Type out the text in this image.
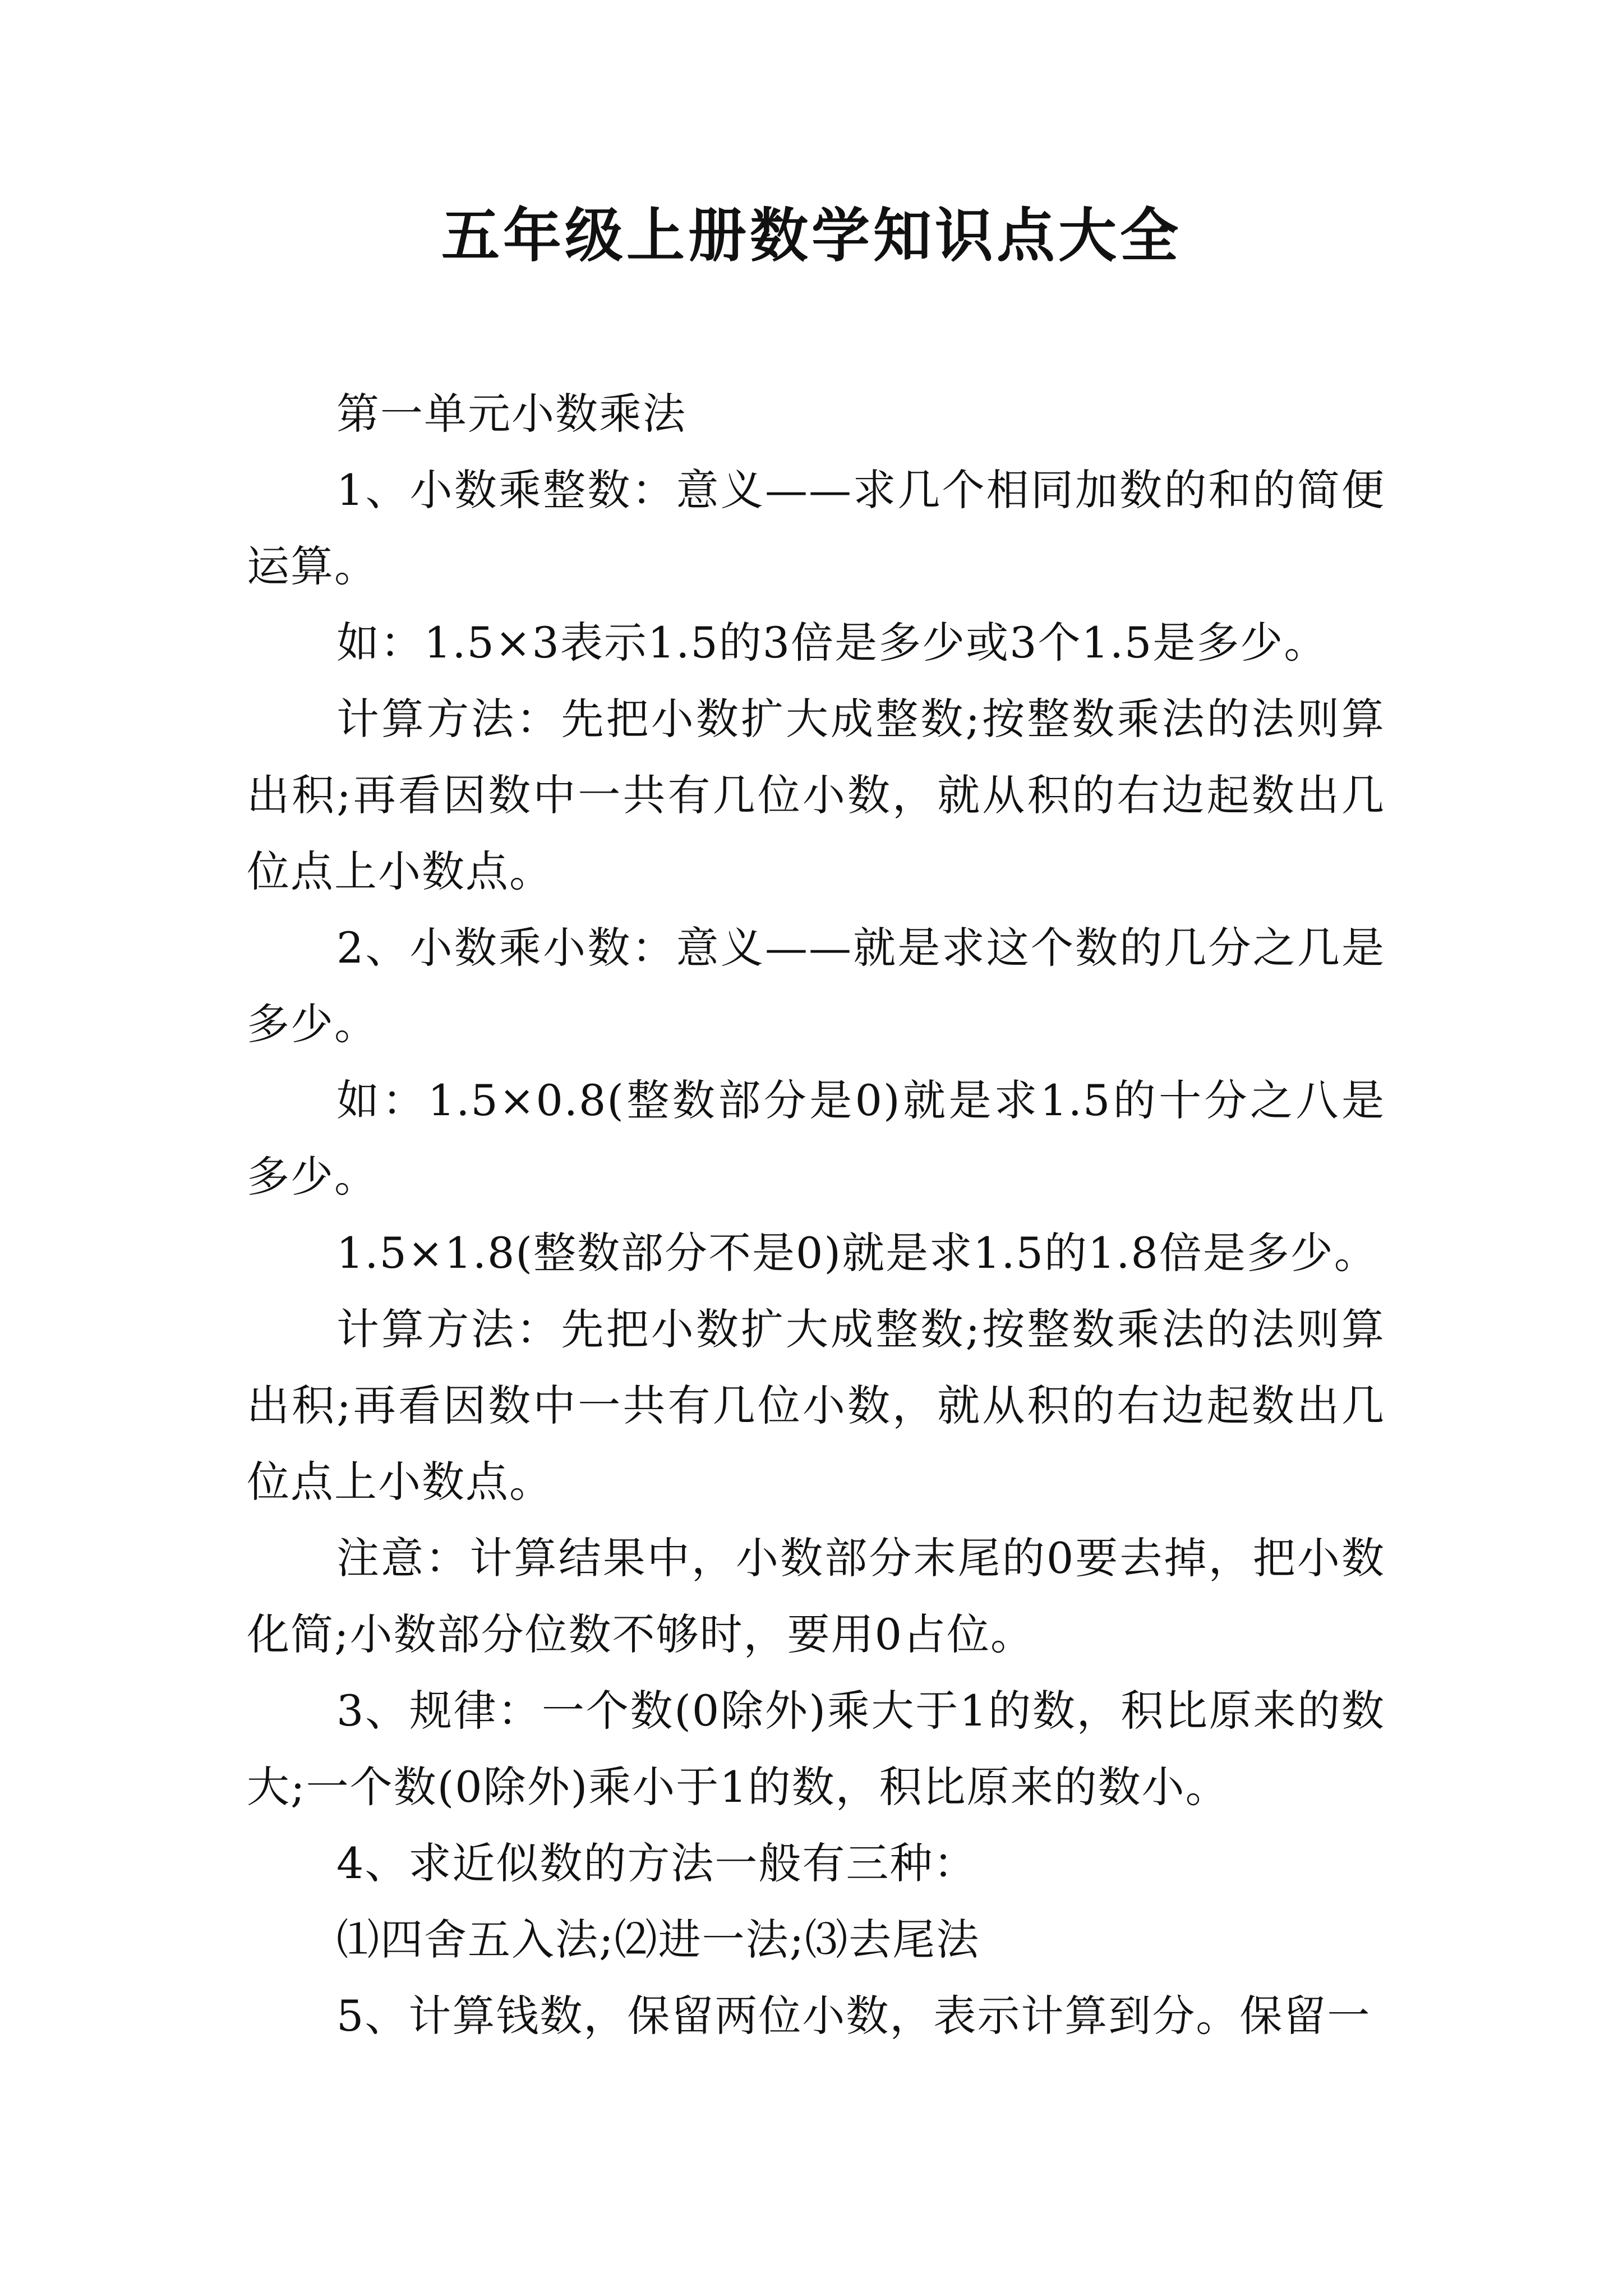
五年级上册数学知识点大全

第一单元小数乘法

1、小数乘整数：意义——求几个相同加数的和的简便运算。

如：1.5×3表示1.5的3倍是多少或3个1.5是多少。

计算方法：先把小数扩大成整数;按整数乘法的法则算出积;再看因数中一共有几位小数，就从积的右边起数出几位点上小数点。

2、小数乘小数：意义——就是求这个数的几分之几是多少。

如：1.5×0.8(整数部分是0)就是求1.5的十分之八是多少。

1.5×1.8(整数部分不是0)就是求1.5的1.8倍是多少。

计算方法：先把小数扩大成整数;按整数乘法的法则算出积;再看因数中一共有几位小数，就从积的右边起数出几位点上小数点。

注意：计算结果中，小数部分末尾的0要去掉，把小数化简;小数部分位数不够时，要用0占位。

3、规律：一个数(0除外)乘大于1的数，积比原来的数大;一个数(0除外)乘小于1的数，积比原来的数小。

4、求近似数的方法一般有三种：

⑴四舍五入法;⑵进一法;⑶去尾法

5、计算钱数，保留两位小数，表示计算到分。保留一
